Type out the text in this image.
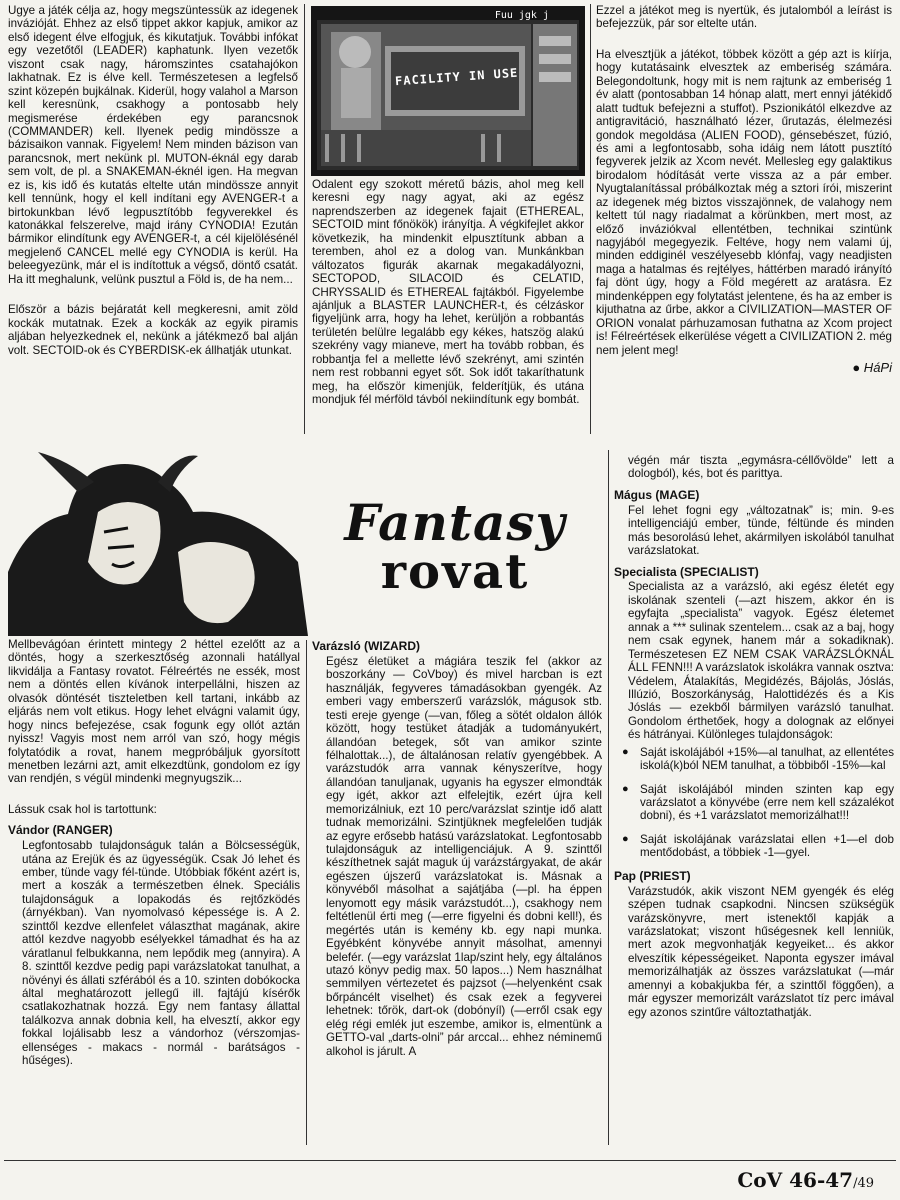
Fuu jgk j
FACILITY IN USE

Ugye a játék célja az, hogy megszüntessük az idegenek invázióját. Ehhez az első tippet akkor kapjuk, amikor az első idegent élve elfogjuk, és kikutatjuk. További infókat egy vezetőtől (LEADER) kaphatunk. Ilyen vezetők viszont csak nagy, háromszintes csatahajókon lakhatnak. Ez is élve kell. Természetesen a legfelső szint közepén bujkálnak. Kiderül, hogy valahol a Marson kell keresnünk, csakhogy a pontosabb hely megismerése érdekében egy parancsnok (COMMANDER) kell. Ilyenek pedig mindössze a bázisaikon vannak. Figyelem! Nem minden bázison van parancsnok, mert nekünk pl. MUTON-éknál egy darab sem volt, de pl. a SNAKEMAN-éknél igen. Ha megvan ez is, kis idő és kutatás eltelte után mindössze annyit kell tennünk, hogy el kell indítani egy AVENGER-t a birtokunkban lévő legpusztítóbb fegyverekkel és katonákkal felszerelve, majd irány CYNODIA! Ezután bármikor elindítunk egy AVENGER-t, a cél kijelölésénél megjelenő CANCEL mellé egy CYNODIA is kerül. Ha beleegyezünk, már el is indítottuk a végső, döntő csatát. Ha itt meghalunk, velünk pusztul a Föld is, de ha nem...

Először a bázis bejáratát kell megkeresni, amit zöld kockák mutatnak. Ezek a kockák az egyik piramis aljában helyezkednek el, nekünk a játékmező bal alján volt. SECTOID-ok és CYBERDISK-ek állhatják utunkat.

Odalent egy szokott méretű bázis, ahol meg kell keresni egy nagy agyat, aki az egész naprendszerben az idegenek fajait (ETHEREAL, SECTOID mint főnökök) irányítja. A végkifejlet akkor következik, ha mindenkit elpusztítunk abban a teremben, ahol ez a dolog van. Munkánkban változatos figurák akarnak megakadályozni, SECTOPOD, SILACOID és CELATID, CHRYSSALID és ETHEREAL fajtákból. Figyelembe ajánljuk a BLASTER LAUNCHER-t, és célzáskor figyeljünk arra, hogy ha lehet, kerüljön a robbantás területén belülre legalább egy kékes, hatszög alakú szekrény vagy mianeve, mert ha tovább robban, és robbantja fel a mellette lévő szekrényt, ami szintén nem rest robbanni egyet sőt. Sok időt takaríthatunk meg, ha először kimenjük, felderítjük, és utána mondjuk fél mérföld távból nekiindítunk egy bombát.

Ezzel a játékot meg is nyertük, és jutalomból a leírást is befejezzük, pár sor eltelte után.

Ha elvesztjük a játékot, többek között a gép azt is kiírja, hogy kutatásaink elvesztek az emberiség számára. Belegondoltunk, hogy mit is nem rajtunk az emberiség 1 év alatt (pontosabban 14 hónap alatt, mert ennyi játékidő alatt tudtuk befejezni a stuffot). Pszionikától elkezdve az antigravitáció, használható lézer, űrutazás, élelmezési gondok megoldása (ALIEN FOOD), génsebészet, fúzió, és ami a legfontosabb, soha idáig nem látott pusztító fegyverek jelzik az Xcom nevét. Mellesleg egy galaktikus birodalom hódítását verte vissza az a pár ember. Nyugtalanítással próbálkoztak még a sztori írói, miszerint az idegenek még biztos visszajönnek, de valahogy nem keltett túl nagy riadalmat a körünkben, mert most, az előző inváziókval ellentétben, technikai szintünk nagyjából megegyezik. Feltéve, hogy nem valami új, minden eddiginél veszélyesebb klónfaj, vagy neadjisten maga a hatalmas és rejtélyes, háttérben maradó irányító faj dönt úgy, hogy a Föld megérett az aratásra. Ez mindenképpen egy folytatást jelentene, és ha az ember is kijuthatna az űrbe, akkor a CIVILIZATION—MASTER OF ORION vonalat párhuzamosan futhatna az Xcom project is! Félreértések elkerülése végett a CIVILIZATION 2. még nem jelent meg!

● HáPi
Fantasy
rovat

Mellbevágóan érintett mintegy 2 héttel ezelőtt az a döntés, hogy a szerkesztőség azonnali hatállyal likvidálja a Fantasy rovatot. Félreértés ne essék, most nem a döntés ellen kívánok interpellálni, hiszen az olvasók döntését tiszteletben kell tartani, inkább az eljárás nem volt etikus. Hogy lehet elvágni valamit úgy, hogy nincs befejezése, csak fogunk egy ollót aztán nyissz! Vagyis most nem arról van szó, hogy mégis folytatódik a rovat, hanem megpróbáljuk gyorsított menetben lezárni azt, amit elkezdtünk, gondolom ez így van rendjén, s végül mindenki megnyugszik...

Lássuk csak hol is tartottunk:

Vándor (RANGER)

Legfontosabb tulajdonságuk talán a Bölcsességük, utána az Erejük és az ügyességük. Csak Jó lehet és ember, tünde vagy fél-tünde. Utóbbiak főként azért is, mert a koszák a természetben élnek. Speciális tulajdonságuk a lopakodás és rejtőzködés (árnyékban). Van nyomolvasó képessége is. A 2. szinttől kezdve ellenfelet választhat magának, akire attól kezdve nagyobb esélyekkel támadhat és ha az váratlanul felbukkanna, nem lepődik meg (annyira). A 8. szinttől kezdve pedig papi varázslatokat tanulhat, a növényi és állati szférából és a 10. szinten dobókocka által meghatározott jellegű ill. fajtájú kísérők csatlakozhatnak hozzá. Egy nem fantasy állattal találkozva annak dobnia kell, ha elvesztí, akkor egy fokkal lojálisabb lesz a vándorhoz (vérszomjas-ellenséges - makacs - normál - barátságos - hűséges).

Varázsló (WIZARD)

Egész életüket a mágiára teszik fel (akkor az boszorkány — CoVboy) és mivel harcban is ezt használják, fegyveres támadásokban gyengék. Az emberi vagy emberszerű varázslók, mágusok stb. testi ereje gyenge (—van, főleg a sötét oldalon állók között, hogy testüket átadják a tudományukért, állandóan betegek, sőt van amikor szinte félhalottak...), de általánosan relatív gyengébbek. A varázstudók arra vannak kényszerítve, hogy állandóan tanuljanak, ugyanis ha egyszer elmondták egy igét, akkor azt elfelejtik, ezért újra kell memorizálniuk, ezt 10 perc/varázslat szintje idő alatt tudnak memorizálni. Szintjüknek megfelelően tudják az egyre erősebb hatású varázslatokat. Legfontosabb tulajdonságuk az intelligenciájuk. A 9. szinttől készíthetnek saját maguk új varázstárgyakat, de akár egészen újszerű varázslatokat is. Másnak a könyvéből másolhat a sajátjába (—pl. ha éppen lenyomott egy másik varázstudót...), csakhogy nem feltétlenül érti meg (—erre figyelni és dobni kell!), és megértés után is kemény kb. egy napi munka. Egyébként könyvébe annyit másolhat, amennyi belefér. (—egy varázslat 1lap/szint hely, egy általános utazó könyv pedig max. 50 lapos...) Nem használhat semmilyen vértezetet és pajzsot (—helyenként csak bőrpáncélt viselhet) és csak ezek a fegyverei lehetnek: tőrök, dart-ok (dobónyíl) (—erről csak egy elég régi emlék jut eszembe, amikor is, elmentünk a GETTO-val „darts-olni” pár arccal... ehhez néminemű alkohol is járult. A

végén már tiszta „egymásra-céllővölde” lett a dologból), kés, bot és parittya.

Mágus (MAGE)

Fel lehet fogni egy „változatnak” is; min. 9-es intelligenciájú ember, tünde, féltünde és minden más besorolású lehet, akármilyen iskolából tanulhat varázslatokat.

Specialista (SPECIALIST)

Specialista az a varázsló, aki egész életét egy iskolának szenteli (—azt hiszem, akkor én is egyfajta „specialista” vagyok. Egész életemet annak a *** sulinak szentelem... csak az a baj, hogy nem csak egynek, hanem már a sokadiknak). Természetesen EZ NEM CSAK VARÁZSLÓKNÁL ÁLL FENN!!! A varázslatok iskolákra vannak osztva: Védelem, Átalakítás, Megidézés, Bájolás, Jóslás, Illúzió, Boszorkányság, Halottidézés és a Kis Jóslás — ezekből bármilyen varázsló tanulhat. Gondolom érthetőek, hogy a dolognak az előnyei és hátrányai. Különleges tulajdonságok:

● Saját iskolájából +15%—al tanulhat, az ellentétes iskolá(k)ból NEM tanulhat, a többiből -15%—kal
● Saját iskolájából minden szinten kap egy varázslatot a könyvébe (erre nem kell százalékot dobni), és +1 varázslatot memorizálhat!!!
● Saját iskolájának varázslatai ellen +1—el dob mentődobást, a többiek -1—gyel.
Pap (PRIEST)

Varázstudók, akik viszont NEM gyengék és elég szépen tudnak csapkodni. Nincsen szükségük varázskönyvre, mert istenektől kapják a varázslatokat; viszont hűségesnek kell lenniük, mert azok megvonhatják kegyeiket... és akkor elveszítik képességeiket. Naponta egyszer imával memorizálhatják az összes varázslatukat (—már amennyi a kobakjukba fér, a szinttől föggően), a már egyszer memorizált varázslatot tíz perc imával egy azonos szintűre változtathatják.

CoV 46-47/49
